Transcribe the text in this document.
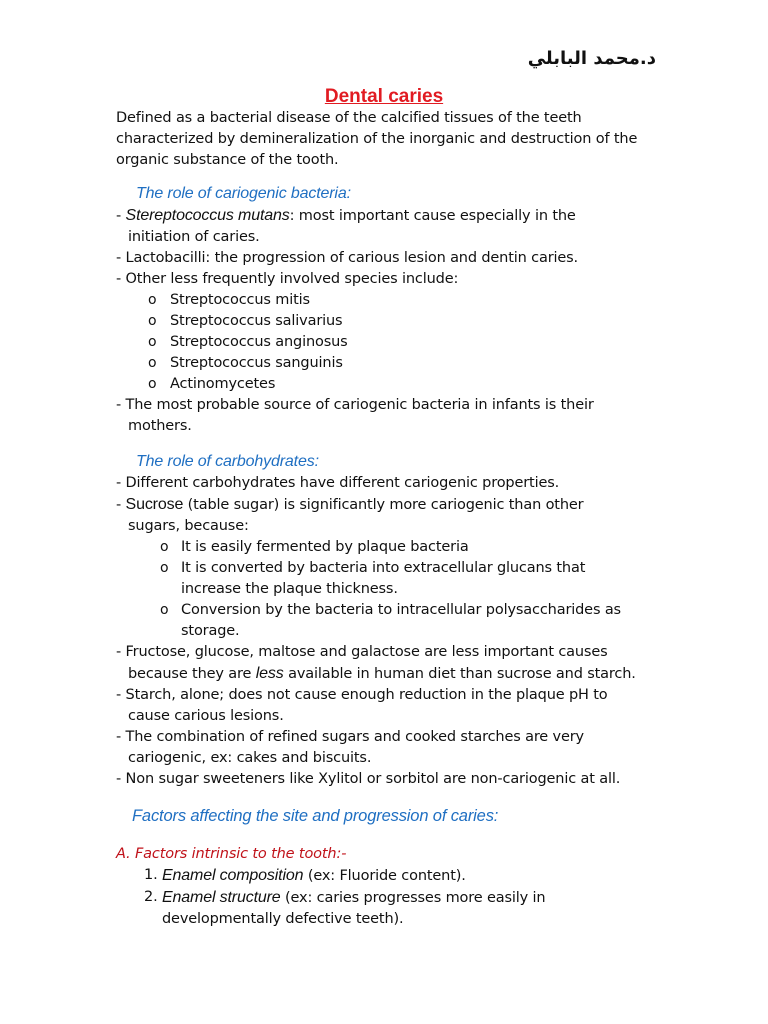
د.محمد البابلي
Dental caries

Defined as a bacterial disease of the calcified tissues of the teeth characterized by demineralization of the inorganic and destruction of the organic substance of the tooth.

The role of cariogenic bacteria:
- Stereptococcus mutans: most important cause especially in the
initiation of caries.
- Lactobacilli: the progression of carious lesion and dentin caries.
- Other less frequently involved species include:
o Streptococcus mitis
o Streptococcus salivarius
o Streptococcus anginosus
o Streptococcus sanguinis
o Actinomycetes
- The most probable source of cariogenic bacteria in infants is their
mothers.
The role of carbohydrates:
- Different carbohydrates have different cariogenic properties.
- Sucrose (table sugar) is significantly more cariogenic than other
sugars, because:
o It is easily fermented by plaque bacteria
o It is converted by bacteria into extracellular glucans that
increase the plaque thickness.
o Conversion by the bacteria to intracellular polysaccharides as
storage.
- Fructose, glucose, maltose and galactose are less important causes
because they are less available in human diet than sucrose and starch.
- Starch, alone; does not cause enough reduction in the plaque pH to
cause carious lesions.
- The combination of refined sugars and cooked starches are very
cariogenic, ex: cakes and biscuits.
- Non sugar sweeteners like Xylitol or sorbitol are non-cariogenic at all.
Factors affecting the site and progression of caries:
A. Factors intrinsic to the tooth:-
1. Enamel composition (ex: Fluoride content).
2. Enamel structure (ex: caries progresses more easily in
developmentally defective teeth).
